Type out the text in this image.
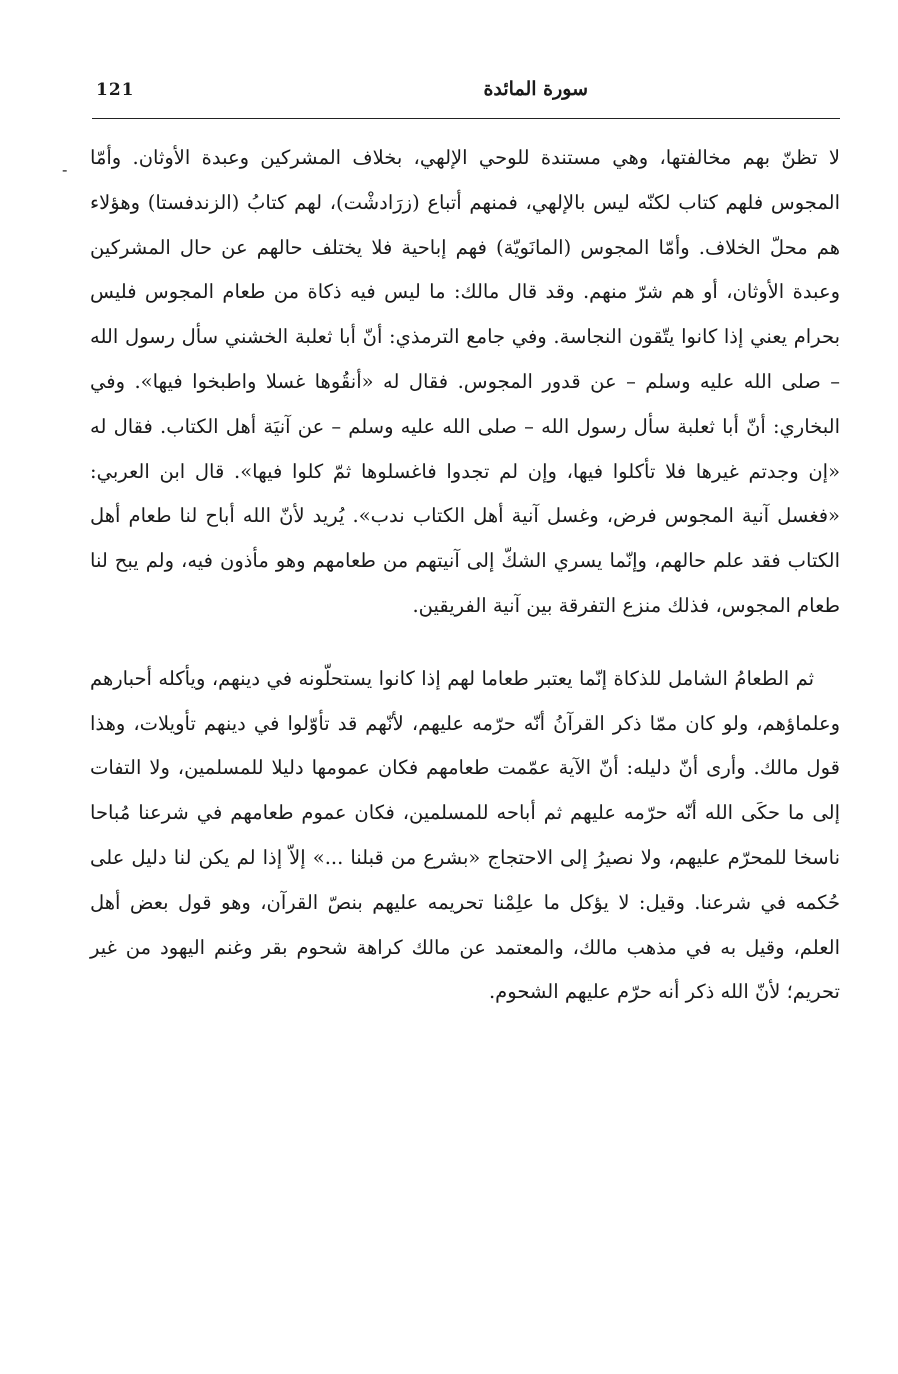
121	سورة المائدة
-

لا تظنّ بهم مخالفتها، وهي مستندة للوحي الإلهي، بخلاف المشركين وعبدة الأوثان. وأمّا المجوس فلهم كتاب لكنّه ليس بالإلهي، فمنهم أتباع (زرَادشْت)، لهم كتابُ (الزندفستا) وهؤلاء هم محلّ الخلاف. وأمّا المجوس (المانَويّة) فهم إباحية فلا يختلف حالهم عن حال المشركين وعبدة الأوثان، أو هم شرّ منهم. وقد قال مالك: ما ليس فيه ذكاة من طعام المجوس فليس بحرام يعني إذا كانوا يتّقون النجاسة. وفي جامع الترمذي: أنّ أبا ثعلبة الخشني سأل رسول الله – صلى الله عليه وسلم – عن قدور المجوس. فقال له «أنقُوها غسلا واطبخوا فيها». وفي البخاري: أنّ أبا ثعلبة سأل رسول الله – صلى الله عليه وسلم – عن آنيَة أهل الكتاب. فقال له «إن وجدتم غيرها فلا تأكلوا فيها، وإن لم تجدوا فاغسلوها ثمّ كلوا فيها». قال ابن العربي: «فغسل آنية المجوس فرض، وغسل آنية أهل الكتاب ندب». يُريد لأنّ الله أباح لنا طعام أهل الكتاب فقد علم حالهم، وإنّما يسري الشكّ إلى آنيتهم من طعامهم وهو مأذون فيه، ولم يبح لنا طعام المجوس، فذلك منزع التفرقة بين آنية الفريقين.

ثم الطعامُ الشامل للذكاة إنّما يعتبر طعاما لهم إذا كانوا يستحلّونه في دينهم، ويأكله أحبارهم وعلماؤهم، ولو كان ممّا ذكر القرآنُ أنّه حرّمه عليهم، لأنّهم قد تأوّلوا في دينهم تأويلات، وهذا قول مالك. وأرى أنّ دليله: أنّ الآية عمّمت طعامهم فكان عمومها دليلا للمسلمين، ولا التفات إلى ما حكَى الله أنّه حرّمه عليهم ثم أباحه للمسلمين، فكان عموم طعامهم في شرعنا مُباحا ناسخا للمحرّم عليهم، ولا نصيرُ إلى الاحتجاج «بشرع من قبلنا ...» إلاّ إذا لم يكن لنا دليل على حُكمه في شرعنا. وقيل: لا يؤكل ما علِمْنا تحريمه عليهم بنصّ القرآن، وهو قول بعض أهل العلم، وقيل به في مذهب مالك، والمعتمد عن مالك كراهة شحوم بقر وغنم اليهود من غير تحريم؛ لأنّ الله ذكر أنه حرّم عليهم الشحوم.
